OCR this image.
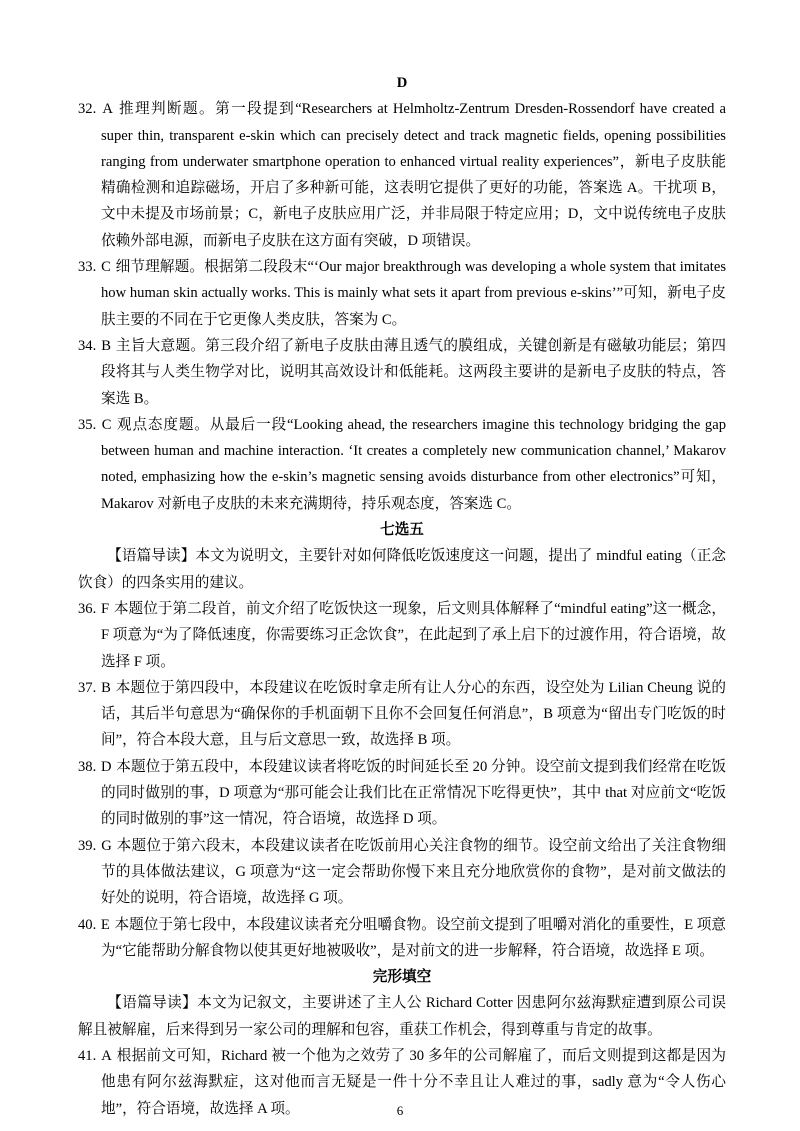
D
32. A 推理判断题。第一段提到“Researchers at Helmholtz-Zentrum Dresden-Rossendorf have created a super thin, transparent e-skin which can precisely detect and track magnetic fields, opening possibilities ranging from underwater smartphone operation to enhanced virtual reality experiences”，新电子皮肤能精确检测和追踪磁场，开启了多种新可能，这表明它提供了更好的功能，答案选 A。干扰项 B，文中未提及市场前景；C，新电子皮肤应用广泛，并非局限于特定应用；D，文中说传统电子皮肤依赖外部电源，而新电子皮肤在这方面有突破，D 项错误。
33. C 细节理解题。根据第二段段末“‘Our major breakthrough was developing a whole system that imitates how human skin actually works. This is mainly what sets it apart from previous e-skins’”可知，新电子皮肤主要的不同在于它更像人类皮肤，答案为 C。
34. B 主旨大意题。第三段介绍了新电子皮肤由薄且透气的膜组成，关键创新是有磁敏功能层；第四段将其与人类生物学对比，说明其高效设计和低能耗。这两段主要讲的是新电子皮肤的特点，答案选 B。
35. C 观点态度题。从最后一段“Looking ahead, the researchers imagine this technology bridging the gap between human and machine interaction. ‘It creates a completely new communication channel,’ Makarov noted, emphasizing how the e-skin’s magnetic sensing avoids disturbance from other electronics”可知，Makarov 对新电子皮肤的未来充满期待，持乐观态度，答案选 C。
七选五
【语篇导读】本文为说明文，主要针对如何降低吃饭速度这一问题，提出了 mindful eating（正念饮食）的四条实用的建议。
36. F 本题位于第二段首，前文介绍了吃饭快这一现象，后文则具体解释了“mindful eating”这一概念，F 项意为“为了降低速度，你需要练习正念饮食”，在此起到了承上启下的过渡作用，符合语境，故选择 F 项。
37. B 本题位于第四段中，本段建议在吃饭时拿走所有让人分心的东西，设空处为 Lilian Cheung 说的话，其后半句意思为“确保你的手机面朝下且你不会回复任何消息”，B 项意为“留出专门吃饭的时间”，符合本段大意，且与后文意思一致，故选择 B 项。
38. D 本题位于第五段中，本段建议读者将吃饭的时间延长至 20 分钟。设空前文提到我们经常在吃饭的同时做别的事，D 项意为“那可能会让我们比在正常情况下吃得更快”，其中 that 对应前文“吃饭的同时做别的事”这一情况，符合语境，故选择 D 项。
39. G 本题位于第六段末，本段建议读者在吃饭前用心关注食物的细节。设空前文给出了关注食物细节的具体做法建议，G 项意为“这一定会帮助你慢下来且充分地欣赏你的食物”，是对前文做法的好处的说明，符合语境，故选择 G 项。
40. E 本题位于第七段中，本段建议读者充分咀嚼食物。设空前文提到了咀嚼对消化的重要性，E 项意为“它能帮助分解食物以使其更好地被吸收”，是对前文的进一步解释，符合语境，故选择 E 项。
完形填空
【语篇导读】本文为记叙文，主要讲述了主人公 Richard Cotter 因患阿尔兹海默症遭到原公司误解且被解雇，后来得到另一家公司的理解和包容，重获工作机会，得到尊重与肯定的故事。
41. A 根据前文可知，Richard 被一个他为之效劳了 30 多年的公司解雇了，而后文则提到这都是因为他患有阿尔兹海默症，这对他而言无疑是一件十分不幸且让人难过的事，sadly 意为“令人伤心地”，符合语境，故选择 A 项。	6
